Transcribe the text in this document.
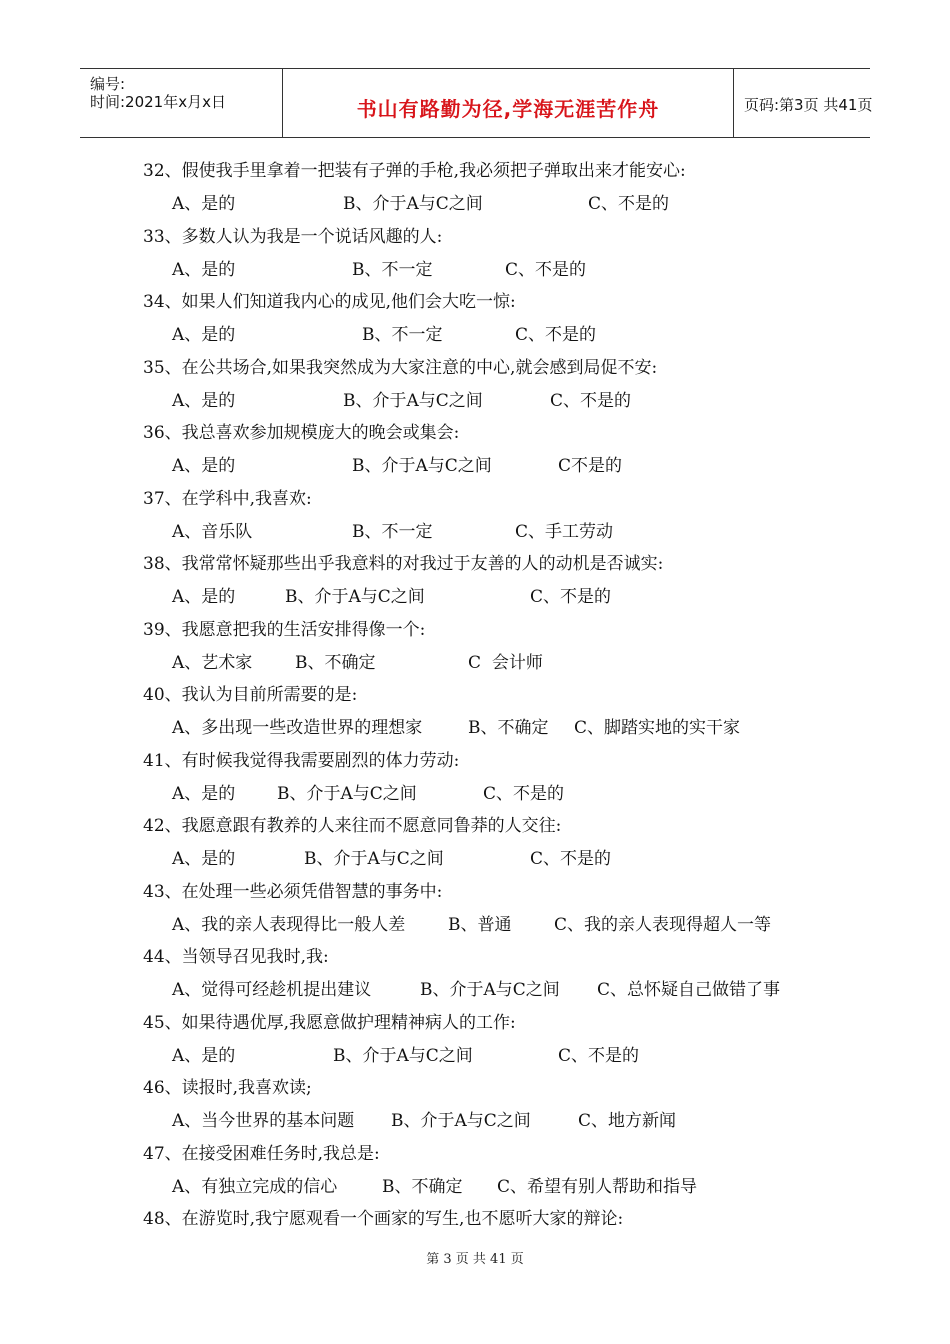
编号:
时间:2021年x月x日	书山有路勤为径,学海无涯苦作舟	页码:第3页 共41页
32、假使我手里拿着一把装有子弹的手枪,我必须把子弹取出来才能安心:
A、是的	B、介于A与C之间	C、不是的
33、多数人认为我是一个说话风趣的人:
A、是的	B、不一定	C、不是的
34、如果人们知道我内心的成见,他们会大吃一惊:
A、是的	B、不一定	C、不是的
35、在公共场合,如果我突然成为大家注意的中心,就会感到局促不安:
A、是的	B、介于A与C之间	C、不是的
36、我总喜欢参加规模庞大的晚会或集会:
A、是的	B、介于A与C之间	C不是的
37、在学科中,我喜欢:
A、音乐队	B、不一定	C、手工劳动
38、我常常怀疑那些出乎我意料的对我过于友善的人的动机是否诚实:
A、是的	B、介于A与C之间	C、不是的
39、我愿意把我的生活安排得像一个:
A、艺术家	B、不确定	C  会计师
40、我认为目前所需要的是:
A、多出现一些改造世界的理想家	B、不确定 C、脚踏实地的实干家
41、有时候我觉得我需要剧烈的体力劳动:
A、是的 B、介于A与C之间	C、不是的
42、我愿意跟有教养的人来往而不愿意同鲁莽的人交往:
A、是的	B、介于A与C之间	C、不是的
43、在处理一些必须凭借智慧的事务中:
A、我的亲人表现得比一般人差	B、普通	C、我的亲人表现得超人一等
44、当领导召见我时,我:
A、觉得可经趁机提出建议	B、介于A与C之间 C、总怀疑自己做错了事
45、如果待遇优厚,我愿意做护理精神病人的工作:
A、是的	B、介于A与C之间	C、不是的
46、读报时,我喜欢读;
A、当今世界的基本问题 B、介于A与C之间	C、地方新闻
47、在接受困难任务时,我总是:
A、有独立完成的信心	B、不确定 C、希望有别人帮助和指导
48、在游览时,我宁愿观看一个画家的写生,也不愿听大家的辩论:
第 3 页 共 41 页
